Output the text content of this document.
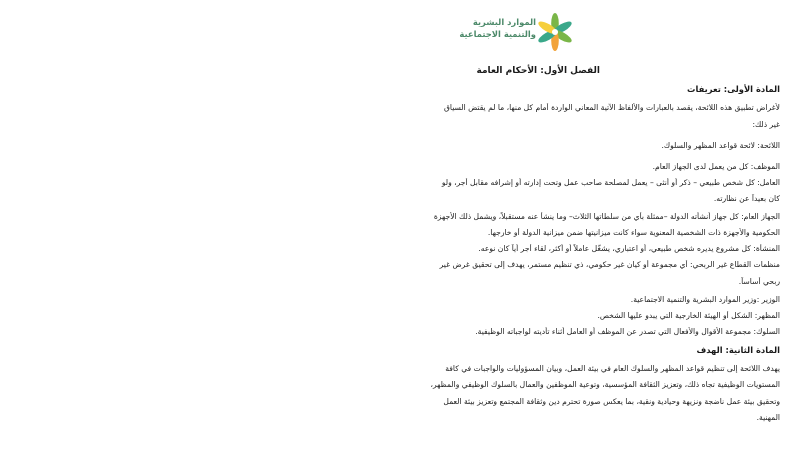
الموارد البشرية
والتنمية الاجتماعية
الفصل الأول: الأحكام العامة
المادة الأولى: تعريفات
لأغراض تطبيق هذه اللائحة، يقصد بالعبارات والألفاظ الآتية المعاني الواردة أمام كل منها، ما لم يقتض السياق
غير ذلك:
اللائحة: لائحة قواعد المظهر والسلوك.
الموظف: كل من يعمل لدى الجهاز العام.
العامل: كل شخص طبيعي – ذكر أو أنثى – يعمل لمصلحة صاحب عمل وتحت إدارته أو إشرافه مقابل أجر، ولو
كان بعيداً عن نظارته.
الجهاز العام: كل جهاز أنشأته الدولة –ممثلة بأي من سلطاتها الثلاث– وما ينشأ عنه مستقبلاً، ويشمل ذلك الأجهزة
الحكومية والأجهزة ذات الشخصية المعنوية سواء كانت ميزانيتها ضمن ميزانية الدولة أو خارجها.
المنشأة: كل مشروع يديره شخص طبيعي، أو اعتباري، يشغّل عاملاً أو أكثر، لقاء أجر أياً كان نوعه.
منظمات القطاع غير الربحي: أي مجموعة أو كيان غير حكومي، ذي تنظيم مستمر، يهدف إلى تحقيق غرض غير
ربحي أساساً.
الوزير :وزير الموارد البشرية والتنمية الاجتماعية.
المظهر: الشكل أو الهيئة الخارجية التي يبدو عليها الشخص.
السلوك: مجموعة الأقوال والأفعال التي تصدر عن الموظف أو العامل أثناء تأديته لواجباته الوظيفية.
المادة الثانية: الهدف
يهدف اللائحة إلى تنظيم قواعد المظهر والسلوك العام في بيئة العمل، وبيان المسؤوليات والواجبات في كافة
المستويات الوظيفية تجاه ذلك، وتعزيز الثقافة المؤسسية، وتوعية الموظفين والعمال بالسلوك الوظيفي والمظهر،
وتحقيق بيئة عمل ناضجة ونزيهة وحيادية ونقية، بما يعكس صورة تحترم دين وثقافة المجتمع وتعزيز بيئة العمل
المهنية.
